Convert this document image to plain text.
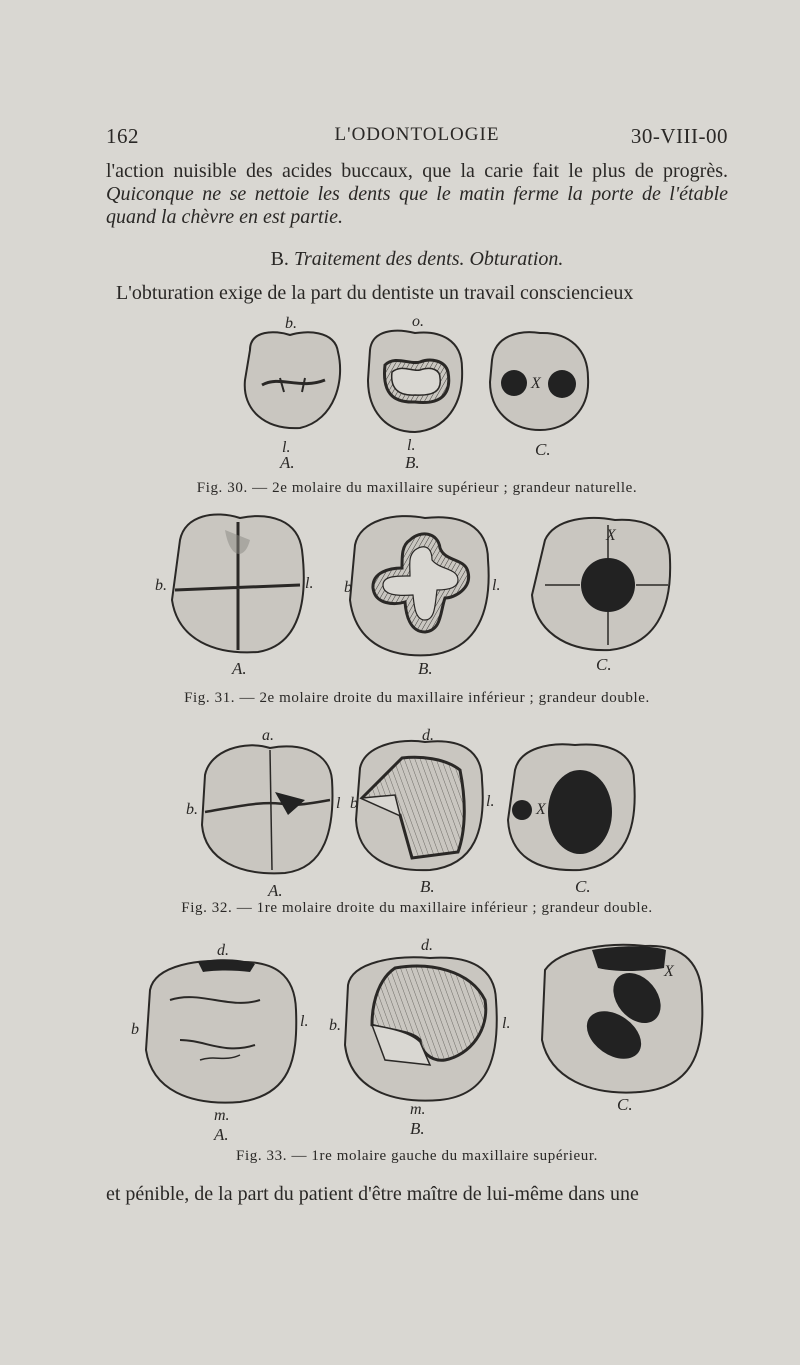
162	L'ODONTOLOGIE	30-VIII-00
l'action nuisible des acides buccaux, que la carie fait le plus de progrès. Quiconque ne se nettoie les dents que le matin ferme la porte de l'étable quand la chèvre en est partie.
B. Traitement des dents. Obturation.
L'obturation exige de la part du dentiste un travail consciencieux
b.	o.
X
l.	l.
A.	B.
C.
b.	l. b	l.
X
A.	B.	C.
a.	d.
b.	l b	l.	X
A.	B.	C.
d.	d.
b	l. b.	l.
X
m.	m.
A.	B.
C.
Fig. 30. — 2e molaire du maxillaire supérieur ; grandeur naturelle.
Fig. 31. — 2e molaire droite du maxillaire inférieur ; grandeur double.
Fig. 32. — 1re molaire droite du maxillaire inférieur ; grandeur double.
Fig. 33. — 1re molaire gauche du maxillaire supérieur.
et pénible, de la part du patient d'être maître de lui-même dans une
